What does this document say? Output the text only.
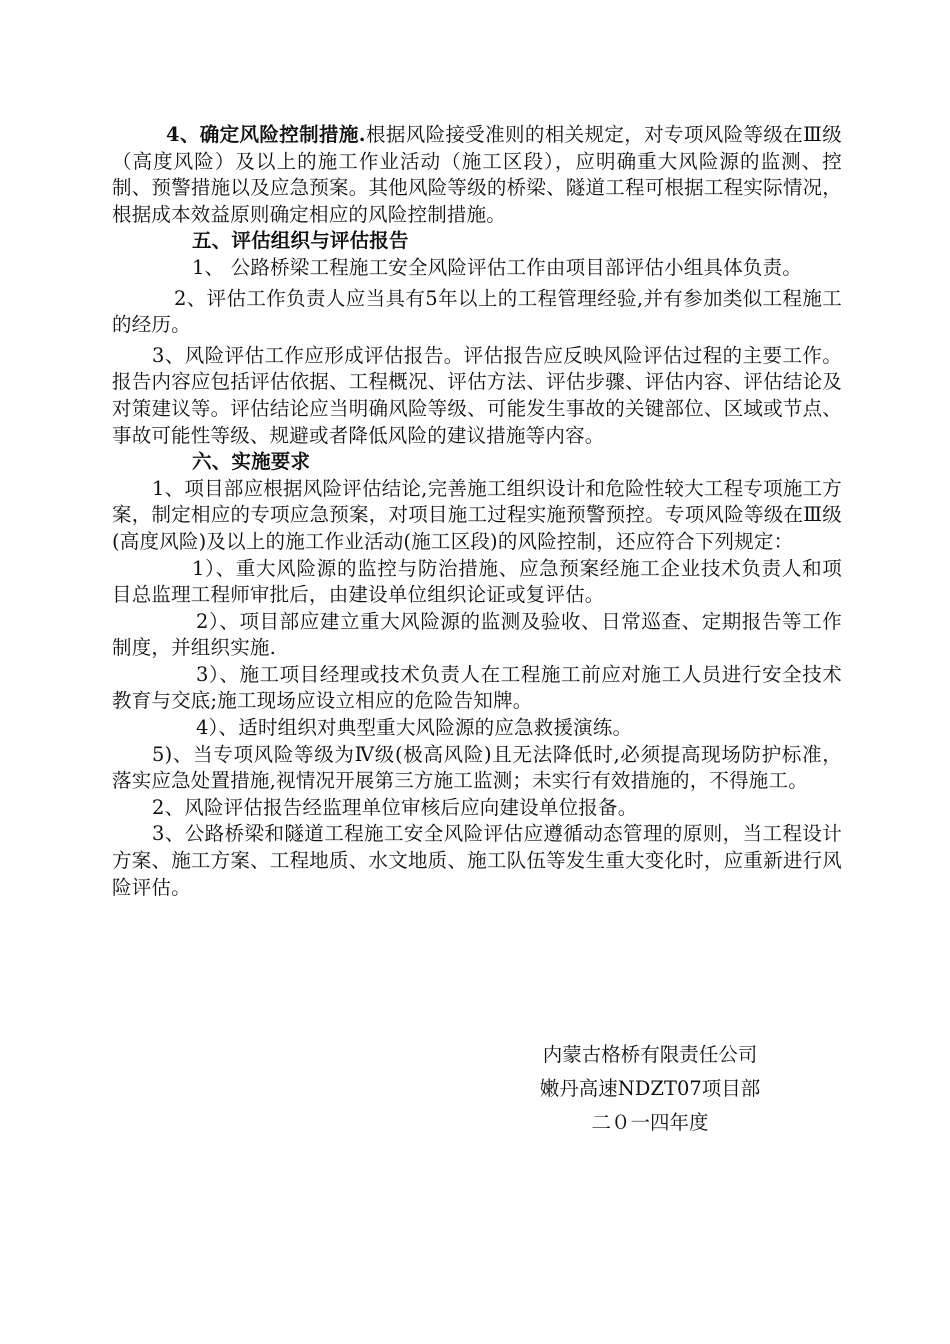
4、确定风险控制措施.根据风险接受准则的相关规定，对专项风险等级在Ⅲ级（高度风险）及以上的施工作业活动（施工区段），应明确重大风险源的监测、控制、预警措施以及应急预案。其他风险等级的桥梁、隧道工程可根据工程实际情况，根据成本效益原则确定相应的风险控制措施。

五、评估组织与评估报告

1、 公路桥梁工程施工安全风险评估工作由项目部评估小组具体负责。

2、评估工作负责人应当具有5年以上的工程管理经验,并有参加类似工程施工的经历。

3、风险评估工作应形成评估报告。评估报告应反映风险评估过程的主要工作。报告内容应包括评估依据、工程概况、评估方法、评估步骤、评估内容、评估结论及对策建议等。评估结论应当明确风险等级、可能发生事故的关键部位、区域或节点、事故可能性等级、规避或者降低风险的建议措施等内容。

六、实施要求

1、项目部应根据风险评估结论,完善施工组织设计和危险性较大工程专项施工方案，制定相应的专项应急预案，对项目施工过程实施预警预控。专项风险等级在Ⅲ级(高度风险)及以上的施工作业活动(施工区段)的风险控制，还应符合下列规定：

1）、重大风险源的监控与防治措施、应急预案经施工企业技术负责人和项目总监理工程师审批后，由建设单位组织论证或复评估。

2）、项目部应建立重大风险源的监测及验收、日常巡查、定期报告等工作制度，并组织实施.

3）、施工项目经理或技术负责人在工程施工前应对施工人员进行安全技术教育与交底;施工现场应设立相应的危险告知牌。

4）、适时组织对典型重大风险源的应急救援演练。

5)、当专项风险等级为Ⅳ级(极高风险)且无法降低时,必须提高现场防护标准，落实应急处置措施,视情况开展第三方施工监测；未实行有效措施的，不得施工。

2、风险评估报告经监理单位审核后应向建设单位报备。

3、公路桥梁和隧道工程施工安全风险评估应遵循动态管理的原则，当工程设计方案、施工方案、工程地质、水文地质、施工队伍等发生重大变化时，应重新进行风险评估。

内蒙古格桥有限责任公司
嫩丹高速NDZT07项目部
二０一四年度
